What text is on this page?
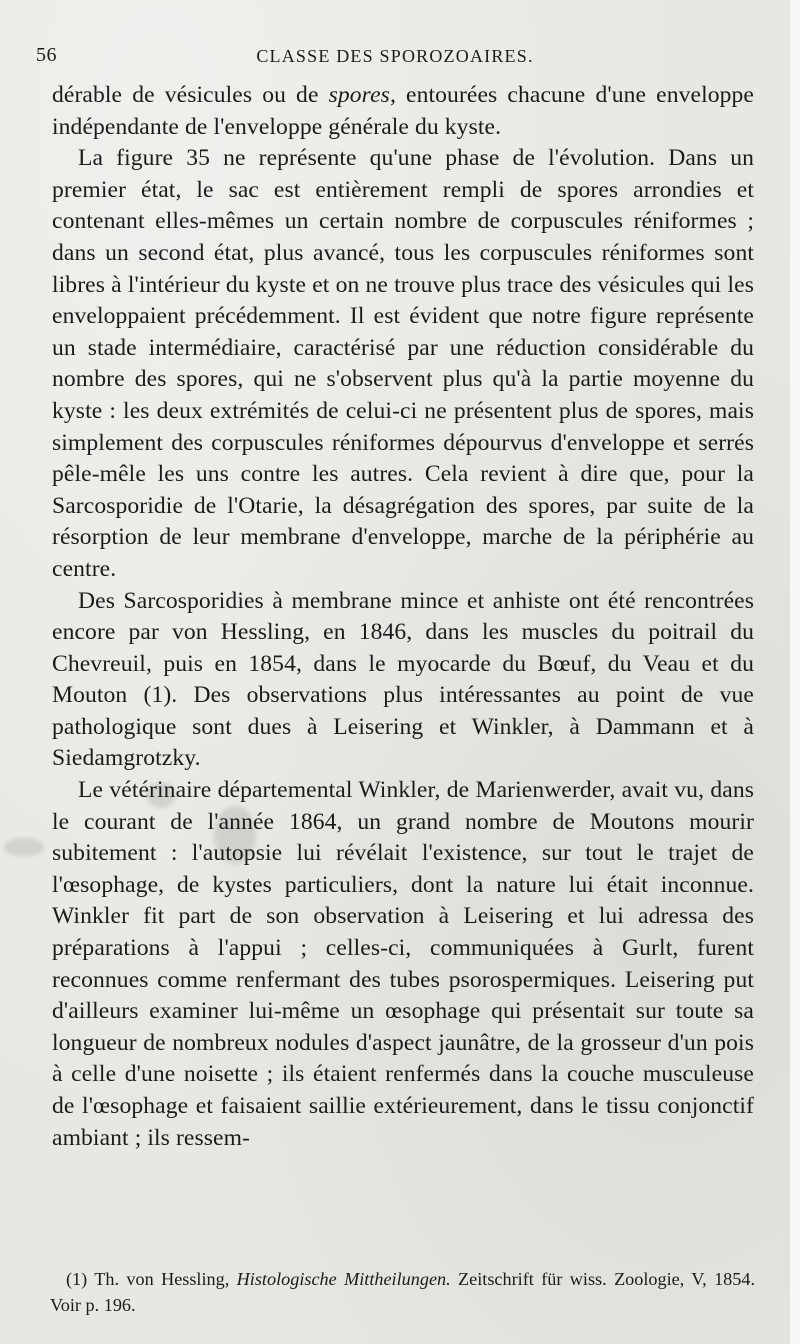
56	CLASSE DES SPOROZOAIRES.

dérable de vésicules ou de spores, entourées chacune d'une enveloppe indépendante de l'enveloppe générale du kyste.

La figure 35 ne représente qu'une phase de l'évolution. Dans un premier état, le sac est entièrement rempli de spores arrondies et contenant elles-mêmes un certain nombre de corpuscules réniformes ; dans un second état, plus avancé, tous les corpuscules réniformes sont libres à l'intérieur du kyste et on ne trouve plus trace des vésicules qui les enveloppaient précédemment. Il est évident que notre figure représente un stade intermédiaire, caractérisé par une réduction considérable du nombre des spores, qui ne s'observent plus qu'à la partie moyenne du kyste : les deux extrémités de celui-ci ne présentent plus de spores, mais simplement des corpuscules réniformes dépourvus d'enveloppe et serrés pêle-mêle les uns contre les autres. Cela revient à dire que, pour la Sarcosporidie de l'Otarie, la désagrégation des spores, par suite de la résorption de leur membrane d'enveloppe, marche de la périphérie au centre.

Des Sarcosporidies à membrane mince et anhiste ont été rencontrées encore par von Hessling, en 1846, dans les muscles du poitrail du Chevreuil, puis en 1854, dans le myocarde du Bœuf, du Veau et du Mouton (1). Des observations plus intéressantes au point de vue pathologique sont dues à Leisering et Winkler, à Dammann et à Siedamgrotzky.

Le vétérinaire départemental Winkler, de Marienwerder, avait vu, dans le courant de l'année 1864, un grand nombre de Moutons mourir subitement : l'autopsie lui révélait l'existence, sur tout le trajet de l'œsophage, de kystes particuliers, dont la nature lui était inconnue. Winkler fit part de son observation à Leisering et lui adressa des préparations à l'appui ; celles-ci, communiquées à Gurlt, furent reconnues comme renfermant des tubes psorospermiques. Leisering put d'ailleurs examiner lui-même un œsophage qui présentait sur toute sa longueur de nombreux nodules d'aspect jaunâtre, de la grosseur d'un pois à celle d'une noisette ; ils étaient renfermés dans la couche musculeuse de l'œsophage et faisaient saillie extérieurement, dans le tissu conjonctif ambiant ; ils ressem-

(1) Th. von Hessling, Histologische Mittheilungen. Zeitschrift für wiss. Zoologie, V, 1854. Voir p. 196.
